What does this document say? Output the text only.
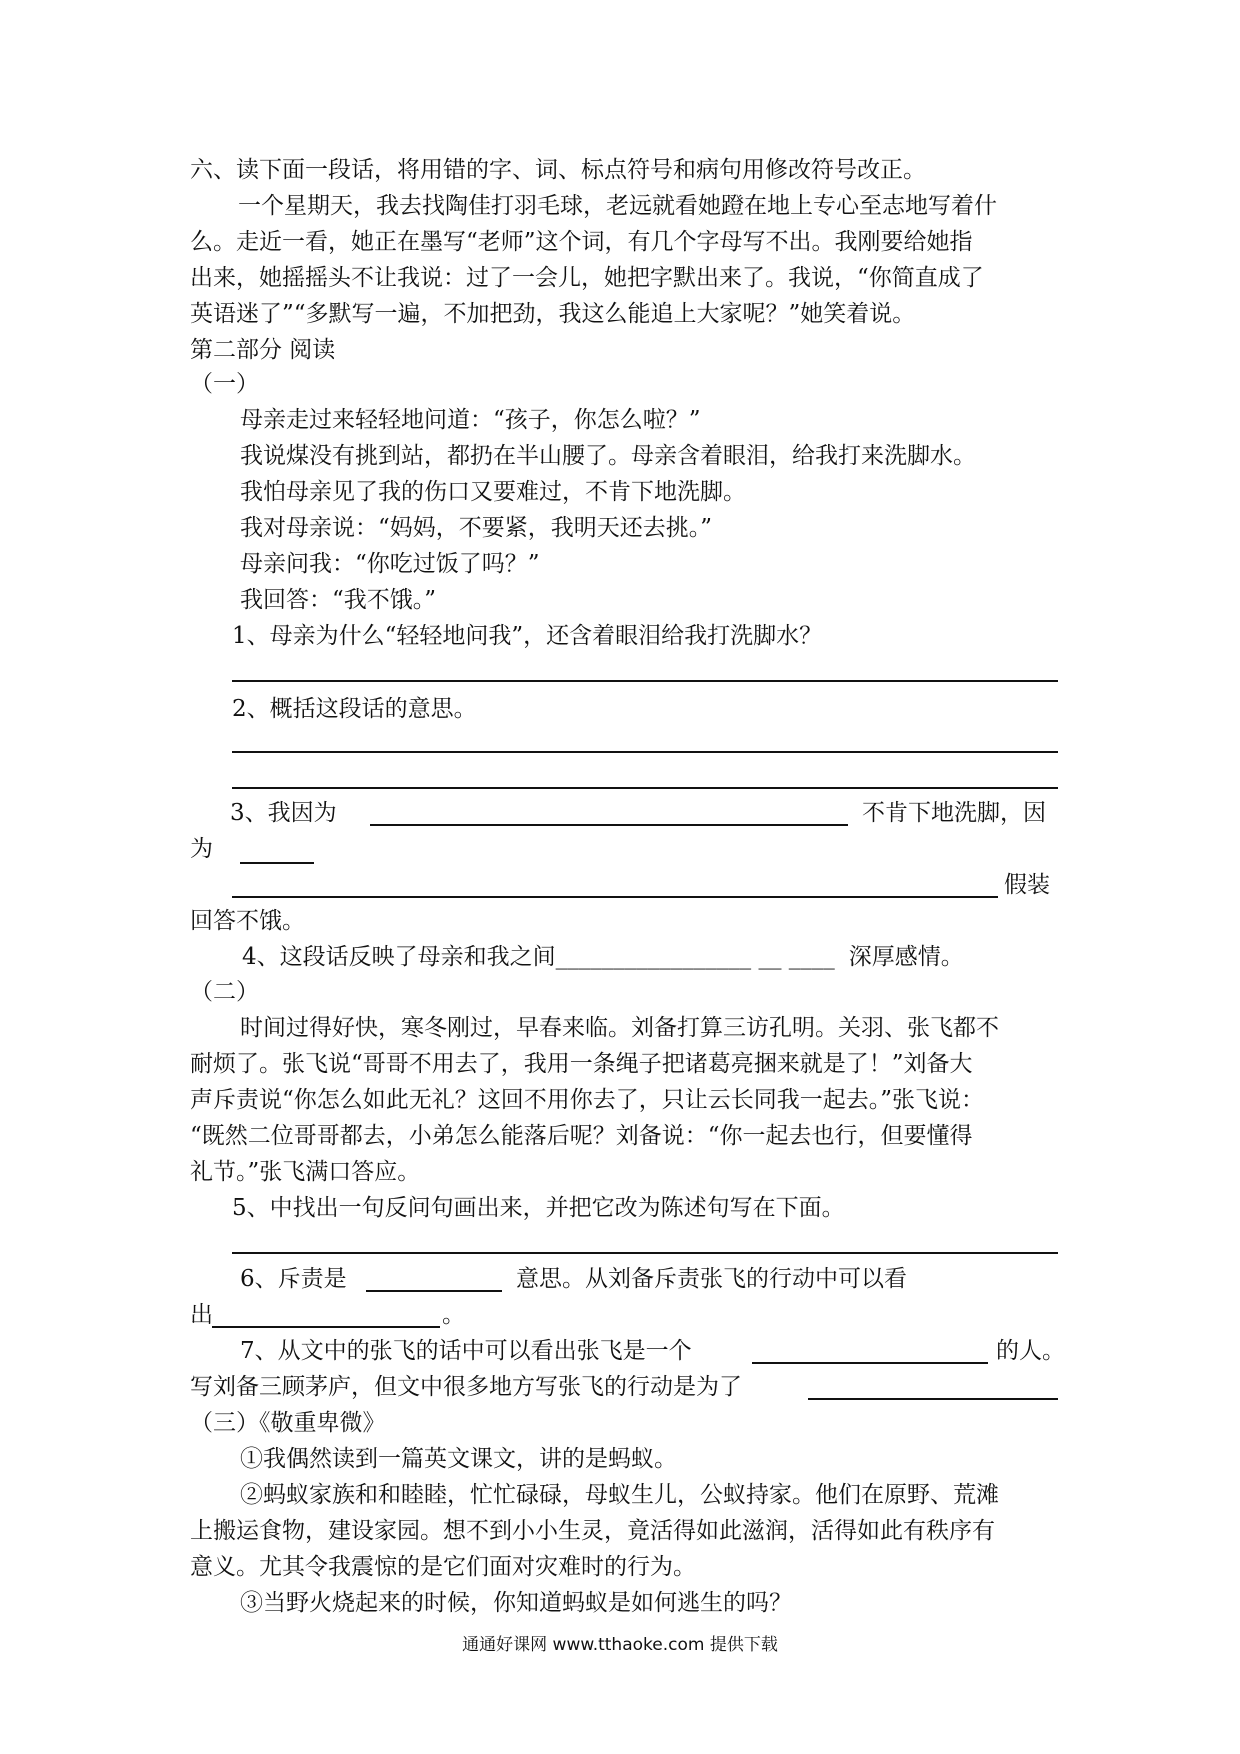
六、读下面一段话，将用错的字、词、标点符号和病句用修改符号改正。
一个星期天，我去找陶佳打羽毛球，老远就看她蹬在地上专心至志地写着什
么。走近一看，她正在墨写“老师”这个词，有几个字母写不出。我刚要给她指
出来，她摇摇头不让我说：过了一会儿，她把字默出来了。我说，“你简直成了
英语迷了”“多默写一遍，不加把劲，我这么能追上大家呢？”她笑着说。
第二部分 阅读
（一）
母亲走过来轻轻地问道：“孩子，你怎么啦？”
我说煤没有挑到站，都扔在半山腰了。母亲含着眼泪，给我打来洗脚水。
我怕母亲见了我的伤口又要难过，不肯下地洗脚。
我对母亲说：“妈妈，不要紧，我明天还去挑。”
母亲问我：“你吃过饭了吗？”
我回答：“我不饿。”
1、母亲为什么“轻轻地问我”，还含着眼泪给我打洗脚水？
2、概括这段话的意思。
3、我因为	不肯下地洗脚，因
为
假装
回答不饿。
4、这段话反映了母亲和我之间_________________ __ ____ 深厚感情。
（二）
时间过得好快，寒冬刚过，早春来临。刘备打算三访孔明。关羽、张飞都不
耐烦了。张飞说“哥哥不用去了，我用一条绳子把诸葛亮捆来就是了！”刘备大
声斥责说“你怎么如此无礼？这回不用你去了，只让云长同我一起去。”张飞说：
“既然二位哥哥都去，小弟怎么能落后呢？刘备说：“你一起去也行，但要懂得
礼节。”张飞满口答应。
5、中找出一句反问句画出来，并把它改为陈述句写在下面。
6、斥责是	意思。从刘备斥责张飞的行动中可以看
出	。
7、从文中的张飞的话中可以看出张飞是一个	的人。
写刘备三顾茅庐，但文中很多地方写张飞的行动是为了
（三）《敬重卑微》
①我偶然读到一篇英文课文，讲的是蚂蚁。
②蚂蚁家族和和睦睦，忙忙碌碌，母蚁生儿，公蚁持家。他们在原野、荒滩
上搬运食物，建设家园。想不到小小生灵，竟活得如此滋润，活得如此有秩序有
意义。尤其令我震惊的是它们面对灾难时的行为。
③当野火烧起来的时候，你知道蚂蚁是如何逃生的吗？
通通好课网 www.tthaoke.com 提供下载
